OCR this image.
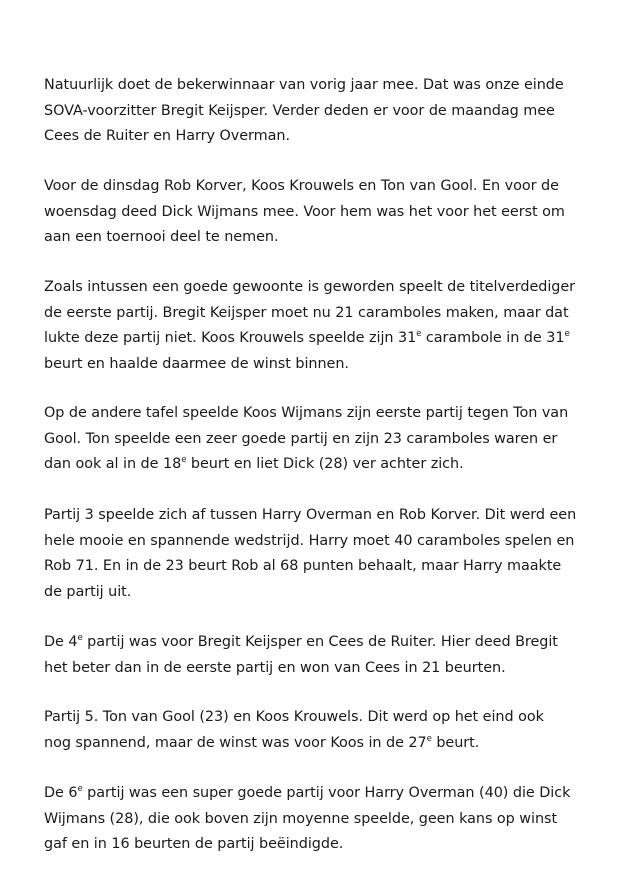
Natuurlijk doet de bekerwinnaar van vorig jaar mee. Dat was onze einde
SOVA-voorzitter Bregit Keijsper. Verder deden er voor de maandag mee
Cees de Ruiter en Harry Overman.

Voor de dinsdag Rob Korver, Koos Krouwels en Ton van Gool. En voor de
woensdag deed Dick Wijmans mee. Voor hem was het voor het eerst om
aan een toernooi deel te nemen.

Zoals intussen een goede gewoonte is geworden speelt de titelverdediger
de eerste partij. Bregit Keijsper moet nu 21 caramboles maken, maar dat
lukte deze partij niet. Koos Krouwels speelde zijn 31e carambole in de 31e
beurt en haalde daarmee de winst binnen.

Op de andere tafel speelde Koos Wijmans zijn eerste partij tegen Ton van
Gool. Ton speelde een zeer goede partij en zijn 23 caramboles waren er
dan ook al in de 18e beurt en liet Dick (28) ver achter zich.

Partij 3 speelde zich af tussen Harry Overman en Rob Korver. Dit werd een
hele mooie en spannende wedstrijd. Harry moet 40 caramboles spelen en
Rob 71. En in de 23 beurt Rob al 68 punten behaalt, maar Harry maakte
de partij uit.

De 4e partij was voor Bregit Keijsper en Cees de Ruiter. Hier deed Bregit
het beter dan in de eerste partij en won van Cees in 21 beurten.

Partij 5. Ton van Gool (23) en Koos Krouwels. Dit werd op het eind ook
nog spannend, maar de winst was voor Koos in de 27e beurt.

De 6e partij was een super goede partij voor Harry Overman (40) die Dick
Wijmans (28), die ook boven zijn moyenne speelde, geen kans op winst
gaf en in 16 beurten de partij beëindigde.
